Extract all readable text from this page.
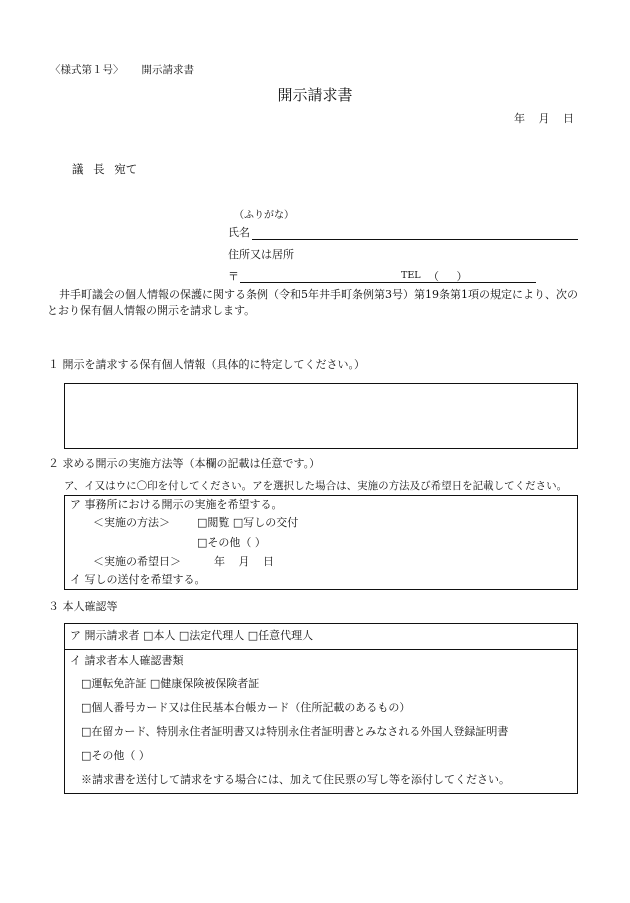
〈様式第１号〉 開示請求書
開示請求書
年 月 日
議 長 宛て
（ふりがな）
氏名
住所又は居所
〒	TEL （ ）
井手町議会の個人情報の保護に関する条例（令和5年井手町条例第3号）第19条第1項の規定により、次のとおり保有個人情報の開示を請求します。
１ 開示を請求する保有個人情報（具体的に特定してください。）
２ 求める開示の実施方法等（本欄の記載は任意です。）
ア、イ又はウに〇印を付してください。アを選択した場合は、実施の方法及び希望日を記載してください。
ア 事務所における開示の実施を希望する。
＜実施の方法＞	□閲覧 □写しの交付
□その他（ ）
＜実施の希望日＞	年 月 日
イ 写しの送付を希望する。
３ 本人確認等
ア 開示請求者 □本人 □法定代理人 □任意代理人
イ 請求者本人確認書類
□運転免許証 □健康保険被保険者証
□個人番号カード又は住民基本台帳カード（住所記載のあるもの）
□在留カード、特別永住者証明書又は特別永住者証明書とみなされる外国人登録証明書
□その他（ ）
※請求書を送付して請求をする場合には、加えて住民票の写し等を添付してください。
